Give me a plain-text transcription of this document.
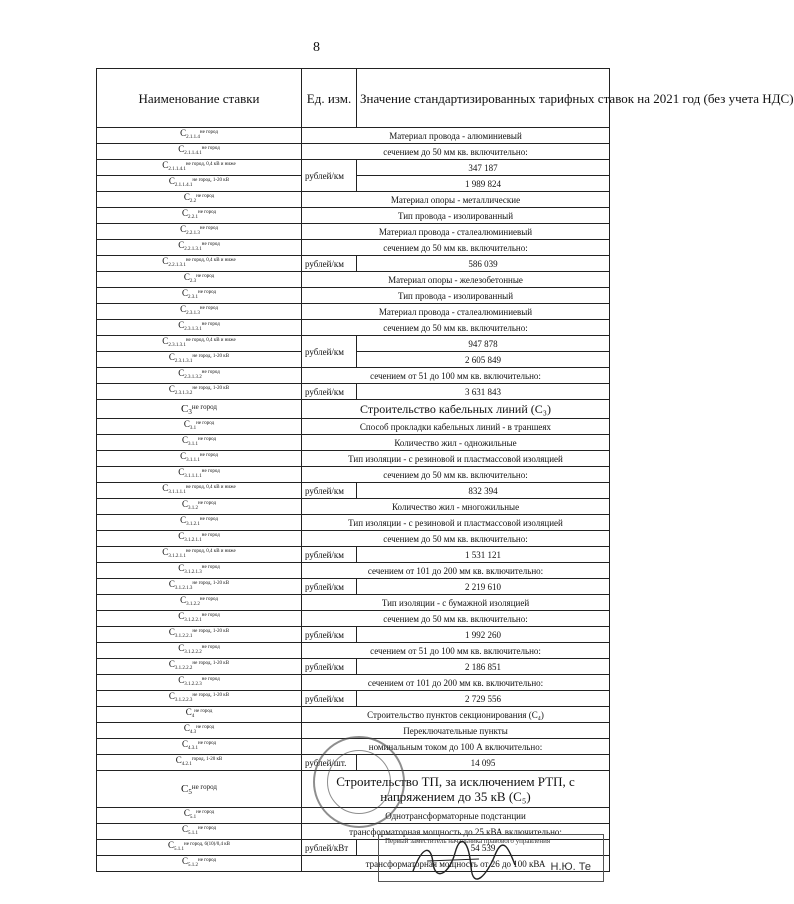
8
Наименование ставки	Ед. изм.	Значение стандартизированных тарифных ставок на 2021 год (без учета НДС)
$C_{2.1.1.4}^{не город}$	Материал провода - алюминиевый	
$C_{2.1.1.4.1}^{не город}$	сечением до 50 мм кв. включительно:	
$C_{2.1.1.4.1}^{не город, 0,4 кВ и ниже}$	рублей/км	347 187
$C_{2.1.1.4.1}^{не город, 1-20 кВ}$		1 989 824
$C_{2.2}^{не город}$	Материал опоры - металлические	
$C_{2.2.1}^{не город}$	Тип провода - изолированный	
$C_{2.2.1.3}^{не город}$	Материал провода - сталеалюминиевый	
$C_{2.2.1.3.1}^{не город}$	сечением до 50 мм кв. включительно:	
$C_{2.2.1.3.1}^{не город, 0,4 кВ и ниже}$	рублей/км	586 039
$C_{2.3}^{не город}$	Материал опоры - железобетонные	
$C_{2.3.1}^{не город}$	Тип провода - изолированный	
$C_{2.3.1.3}^{не город}$	Материал провода - сталеалюминиевый	
$C_{2.3.1.3.1}^{не город}$	сечением до 50 мм кв. включительно:	
$C_{2.3.1.3.1}^{не город, 0,4 кВ и ниже}$	рублей/км	947 878
$C_{2.3.1.3.1}^{не город, 1-20 кВ}$		2 605 849
$C_{2.3.1.3.2}^{не город}$	сечением от 51 до 100 мм кв. включительно:	
$C_{2.3.1.3.2}^{не город, 1-20 кВ}$	рублей/км	3 631 843
$C_3^{не город}$	Строительство кабельных линий (C₃)	
$C_{3.1}^{не город}$	Способ прокладки кабельных линий - в траншеях	
$C_{3.1.1}^{не город}$	Количество жил - одножильные	
$C_{3.1.1.1}^{не город}$	Тип изоляции - с резиновой и пластмассовой изоляцией	
$C_{3.1.1.1.1}^{не город}$	сечением до 50 мм кв. включительно:	
$C_{3.1.1.1.1}^{не город, 0,4 кВ и ниже}$	рублей/км	832 394
$C_{3.1.2}^{не город}$	Количество жил - многожильные	
$C_{3.1.2.1}^{не город}$	Тип изоляции - с резиновой и пластмассовой изоляцией	
$C_{3.1.2.1.1}^{не город}$	сечением до 50 мм кв. включительно:	
$C_{3.1.2.1.1}^{не город, 0,4 кВ и ниже}$	рублей/км	1 531 121
$C_{3.1.2.1.3}^{не город}$	сечением от 101 до 200 мм кв. включительно:	
$C_{3.1.2.1.3}^{не город, 1-20 кВ}$	рублей/км	2 219 610
$C_{3.1.2.2}^{не город}$	Тип изоляции - с бумажной изоляцией	
$C_{3.1.2.2.1}^{не город}$	сечением до 50 мм кв. включительно:	
$C_{3.1.2.2.1}^{не город, 1-20 кВ}$	рублей/км	1 992 260
$C_{3.1.2.2.2}^{не город}$	сечением от 51 до 100 мм кв. включительно:	
$C_{3.1.2.2.2}^{не город, 1-20 кВ}$	рублей/км	2 186 851
$C_{3.1.2.2.3}^{не город}$	сечением от 101 до 200 мм кв. включительно:	
$C_{3.1.2.2.3}^{не город, 1-20 кВ}$	рублей/км	2 729 556
$C_4^{не город}$	Строительство пунктов секционирования (C₄)	
$C_{4.3}^{не город}$	Переключательные пункты	
$C_{4.3.1}^{не город}$	номинальным током до 100 А включительно:	
$C_{4.2.1}^{город, 1-20 кВ}$	рублей/шт.	14 095
$C_5^{не город}$	Строительство ТП, за исключением РТП, с напряжением до 35 кВ (C₅)	
$C_{5.1}^{не город}$	Однотрансформаторные подстанции	
$C_{5.1.1}^{не город}$	трансформаторная мощность до 25 кВА включительно:	
$C_{5.1.1}^{не город, 6(10)/0,4 кВ}$	рублей/кВт	54 539
$C_{5.1.2}^{не город}$	трансформаторная мощность от 26 до 100 кВА	
Первый заместитель начальника правового управления
Н.Ю. Те
